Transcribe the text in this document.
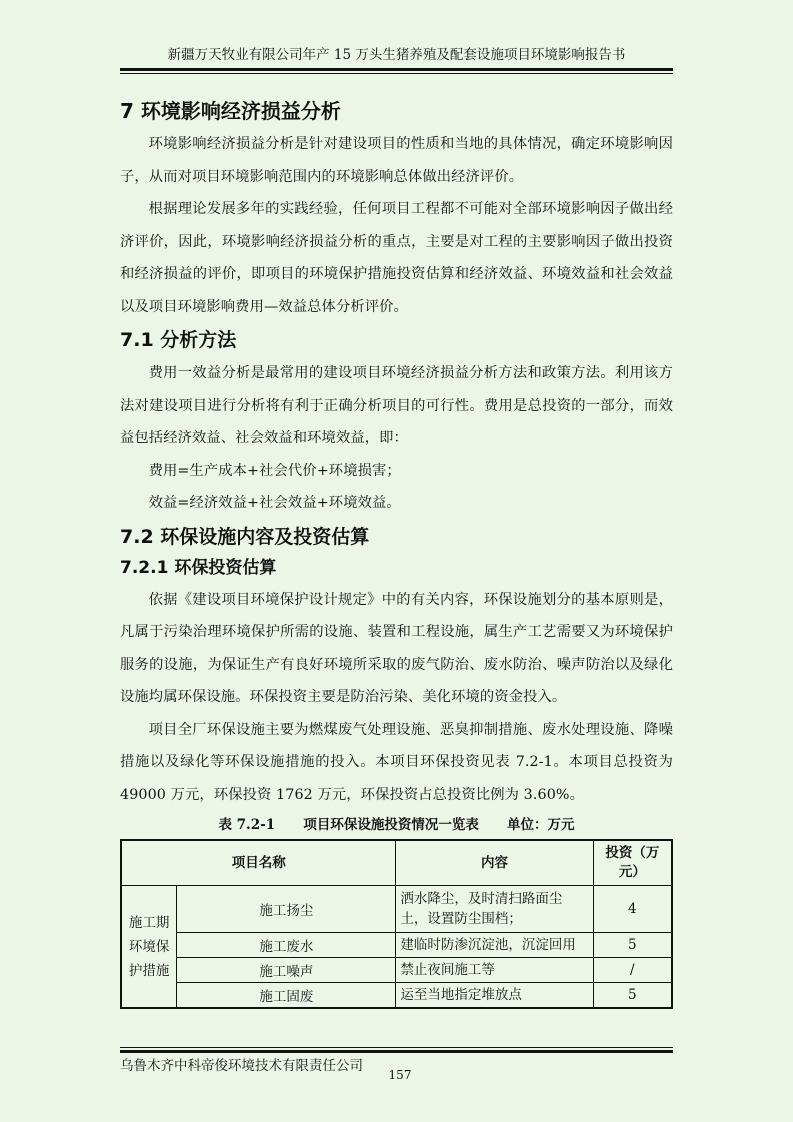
新疆万天牧业有限公司年产 15 万头生猪养殖及配套设施项目环境影响报告书
7 环境影响经济损益分析

环境影响经济损益分析是针对建设项目的性质和当地的具体情况，确定环境影响因子，从而对项目环境影响范围内的环境影响总体做出经济评价。

根据理论发展多年的实践经验，任何项目工程都不可能对全部环境影响因子做出经济评价，因此，环境影响经济损益分析的重点，主要是对工程的主要影响因子做出投资和经济损益的评价，即项目的环境保护措施投资估算和经济效益、环境效益和社会效益以及项目环境影响费用—效益总体分析评价。

7.1 分析方法

费用一效益分析是最常用的建设项目环境经济损益分析方法和政策方法。利用该方法对建设项目进行分析将有利于正确分析项目的可行性。费用是总投资的一部分，而效益包括经济效益、社会效益和环境效益，即：

费用=生产成本+社会代价+环境损害；

效益=经济效益+社会效益+环境效益。

7.2 环保设施内容及投资估算
7.2.1 环保投资估算

依据《建设项目环境保护设计规定》中的有关内容，环保设施划分的基本原则是，凡属于污染治理环境保护所需的设施、装置和工程设施，属生产工艺需要又为环境保护服务的设施，为保证生产有良好环境所采取的废气防治、废水防治、噪声防治以及绿化设施均属环保设施。环保投资主要是防治污染、美化环境的资金投入。

项目全厂环保设施主要为燃煤废气处理设施、恶臭抑制措施、废水处理设施、降噪措施以及绿化等环保设施措施的投入。本项目环保投资见表 7.2-1。本项目总投资为 49000 万元，环保投资 1762 万元，环保投资占总投资比例为 3.60%。

表 7.2-1      项目环保设施投资情况一览表      单位：万元
项目名称		内容	投资（万元）
施工期环境保护措施	施工扬尘	洒水降尘，及时清扫路面尘土，设置防尘围档；	4
	施工废水	建临时防渗沉淀池，沉淀回用	5
	施工噪声	禁止夜间施工等	/
	施工固废	运至当地指定堆放点	5
乌鲁木齐中科帝俊环境技术有限责任公司
157
